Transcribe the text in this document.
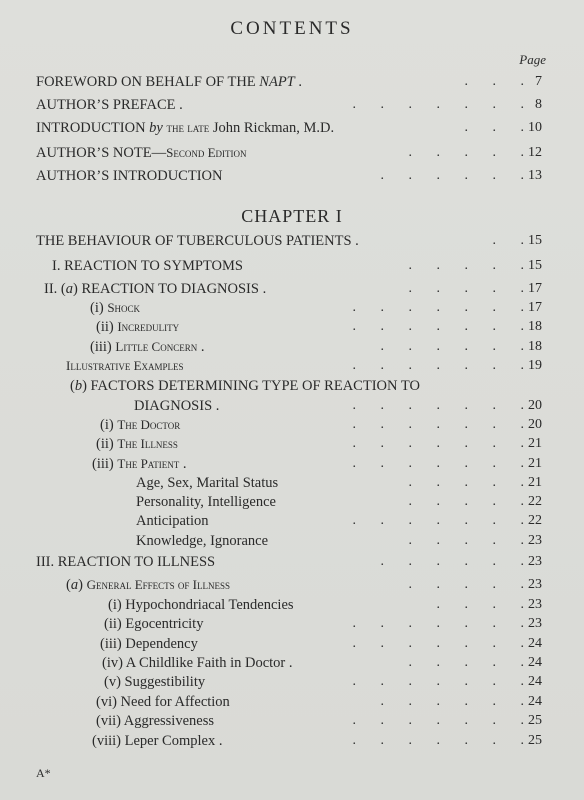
CONTENTS
Page
FOREWORD ON BEHALF OF THE NAPT .	.   .   . 7
AUTHOR’S PREFACE .	.   .   .   .   .   .   . 8
INTRODUCTION by the late John Rickman, M.D.	.   .   . 10
AUTHOR’S NOTE—Second Edition	.   .   .   .   . 12
AUTHOR’S INTRODUCTION	.   .   .   .   .   . 13
CHAPTER I
THE BEHAVIOUR OF TUBERCULOUS PATIENTS .	.   . 15
I. REACTION TO SYMPTOMS	.   .   .   .   . 15
II. (a) REACTION TO DIAGNOSIS .	.   .   .   .   . 17
(i) Shock	.   .   .   .   .   .   . 17
(ii) Incredulity	.   .   .   .   .   .   . 18
(iii) Little Concern .	.   .   .   .   .   . 18
Illustrative Examples	.   .   .   .   .   .   . 19
(b) FACTORS DETERMINING TYPE OF REACTION TO
DIAGNOSIS .	.   .   .   .   .   .   . 20
(i) The Doctor	.   .   .   .   .   .   . 20
(ii) The Illness	.   .   .   .   .   .   . 21
(iii) The Patient .	.   .   .   .   .   .   . 21
Age, Sex, Marital Status	.   .   .   .   . 21
Personality, Intelligence	.   .   .   .   . 22
Anticipation	.   .   .   .   .   .   . 22
Knowledge, Ignorance	.   .   .   .   . 23
III. REACTION TO ILLNESS	.   .   .   .   .   . 23
(a) General Effects of Illness	.   .   .   .   . 23
(i) Hypochondriacal Tendencies	.   .   .   . 23
(ii) Egocentricity	.   .   .   .   .   .   . 23
(iii) Dependency	.   .   .   .   .   .   . 24
(iv) A Childlike Faith in Doctor .	.   .   .   .   . 24
(v) Suggestibility	.   .   .   .   .   .   . 24
(vi) Need for Affection	.   .   .   .   .   . 24
(vii) Aggressiveness	.   .   .   .   .   .   . 25
(viii) Leper Complex .	.   .   .   .   .   .   . 25
A*
